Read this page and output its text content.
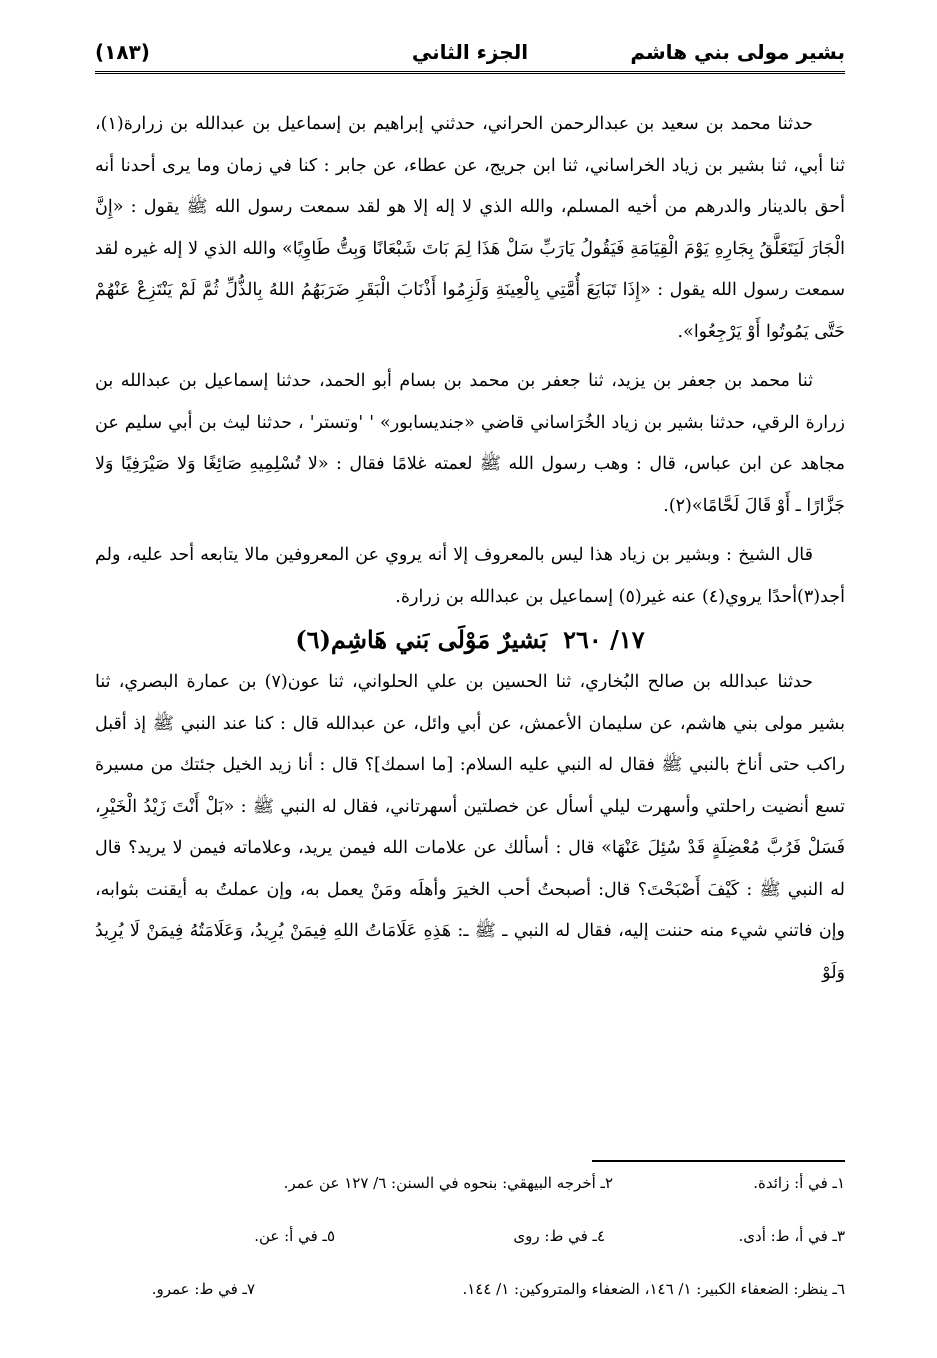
بشير مولى بني هاشم
الجزء الثاني
(١٨٣)

حدثنا محمد بن سعيد بن عبدالرحمن الحراني، حدثني إبراهيم بن إسماعيل بن عبدالله بن زرارة(١)، ثنا أبي، ثنا بشير بن زياد الخراساني، ثنا ابن جريج، عن عطاء، عن جابر : كنا في زمان وما يرى أحدنا أنه أحق بالدينار والدرهم من أخيه المسلم، والله الذي لا إله إلا هو لقد سمعت رسول الله ﷺ يقول : «إِنَّ الْجَارَ لَيَتَعَلَّقُ بِجَارِهِ يَوْمَ الْقِيَامَةِ فَيَقُولُ يَارَبِّ سَلْ هَذَا لِمَ بَاتَ شَبْعَانًا وَبِتُّ طَاوِيًا» والله الذي لا إله غيره لقد سمعت رسول الله يقول : «إِذَا تَبَايَعَ أُمَّتِي بِالْعِينَةِ وَلَزِمُوا أَذْنَابَ الْبَقَرِ ضَرَبَهُمُ اللهُ بِالذُّلِّ ثُمَّ لَمْ يَنْتَزِعْ عَنْهُمْ حَتَّى يَمُوتُوا أَوْ يَرْجِعُوا».

ثنا محمد بن جعفر بن يزيد، ثنا جعفر بن محمد بن بسام أبو الحمد، حدثنا إسماعيل بن عبدالله بن زرارة الرقي، حدثنا بشير بن زياد الخُرَاساني قاضي «جنديسابور» ' 'وتستر' ، حدثنا ليث بن أبي سليم عن مجاهد عن ابن عباس، قال : وهب رسول الله ﷺ لعمته غلامًا فقال : «لا تُسْلِمِيهِ صَائِغًا وَلا صَيْرَفِيًا وَلا جَزَّارًا ـ أَوْ قَالَ لَحَّامًا»(٢).

قال الشيخ : وبشير بن زياد هذا ليس بالمعروف إلا أنه يروي عن المعروفين مالا يتابعه أحد عليه، ولم أجد(٣)أحدًا يروي(٤) عنه غير(٥) إسماعيل بن عبدالله بن زرارة.

١٧/ ٢٦٠بَشيرٌ مَوْلَى بَني هَاشِم(٦)

حدثنا عبدالله بن صالح البُخاري، ثنا الحسين بن علي الحلواني، ثنا عون(٧) بن عمارة البصري، ثنا بشير مولى بني هاشم، عن سليمان الأعمش، عن أبي وائل، عن عبدالله قال : كنا عند النبي ﷺ إذ أقبل راكب حتى أناخ بالنبي ﷺ فقال له النبي عليه السلام: [ما اسمك]؟ قال : أنا زيد الخيل جئتك من مسيرة تسع أنضيت راحلتي وأسهرت ليلي أسأل عن خصلتين أسهرتاني، فقال له النبي ﷺ : «بَلْ أَنْتَ زَيْدُ الْخَيْرِ، فَسَلْ فَرُبَّ مُعْضِلَةٍ قَدْ سُئِلَ عَنْهَا» قال : أسألك عن علامات الله فيمن يريد، وعلاماته فيمن لا يريد؟ قال له النبي ﷺ : كَيْفَ أَصْبَحْتَ؟ قال: أصبحتُ أحب الخيرَ وأهلَه ومَنْ يعمل به، وإن عملتُ به أيقنت بثوابه، وإن فاتني شيء منه حننت إليه، فقال له النبي ـ ﷺ ـ: هَذِهِ عَلَامَاتُ اللهِ فِيمَنْ يُرِيدُ، وَعَلَامَتُهُ فِيمَنْ لَا يُرِيدُ وَلَوْ

١ـ في أ: زائدة.
٢ـ أخرجه البيهقي: بنحوه في السنن: ٦/ ١٢٧ عن عمر.
٣ـ في أ، ط: أدى.
٤ـ في ط: روى
٥ـ في أ: عن.
٦ـ ينظر: الضعفاء الكبير: ١/ ١٤٦، الضعفاء والمتروكين: ١/ ١٤٤.
٧ـ في ط: عمرو.
